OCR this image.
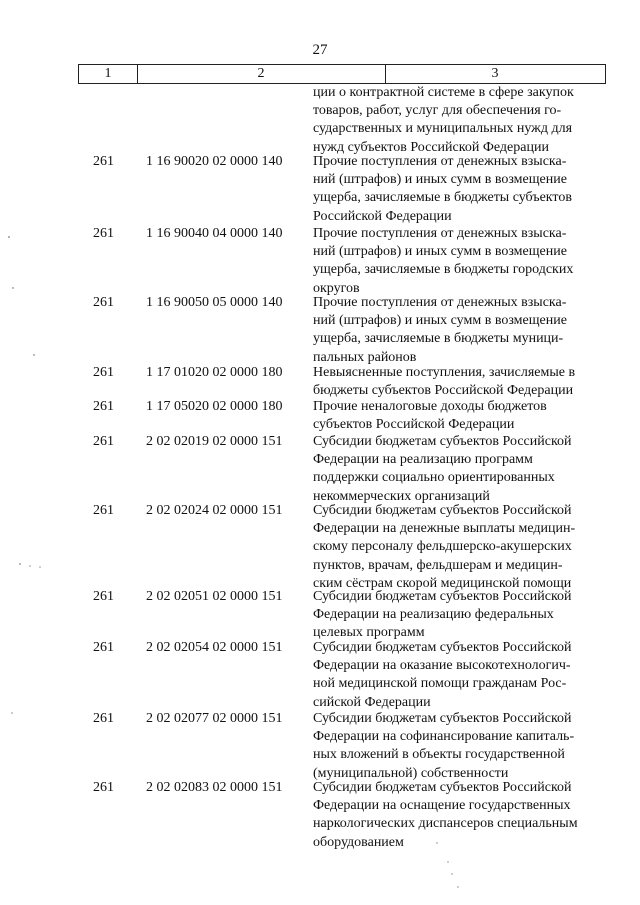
27
1	2	3
ции о контрактной системе в сфере закупок
товаров, работ, услуг для обеспечения го-
сударственных и муниципальных нужд для
нужд субъектов Российской Федерации
261	1 16 90020 02 0000 140	Прочие поступления от денежных взыска-
ний (штрафов) и иных сумм в возмещение
ущерба, зачисляемые в бюджеты субъектов
Российской Федерации
261	1 16 90040 04 0000 140	Прочие поступления от денежных взыска-
ний (штрафов) и иных сумм в возмещение
ущерба, зачисляемые в бюджеты городских
округов
261	1 16 90050 05 0000 140	Прочие поступления от денежных взыска-
ний (штрафов) и иных сумм в возмещение
ущерба, зачисляемые в бюджеты муници-
пальных районов
261	1 17 01020 02 0000 180	Невыясненные поступления, зачисляемые в
бюджеты субъектов Российской Федерации
261	1 17 05020 02 0000 180	Прочие неналоговые доходы бюджетов
субъектов Российской Федерации
261	2 02 02019 02 0000 151	Субсидии бюджетам субъектов Российской
Федерации на реализацию программ
поддержки социально ориентированных
некоммерческих организаций
261	2 02 02024 02 0000 151	Субсидии бюджетам субъектов Российской
Федерации на денежные выплаты медицин-
скому персоналу фельдшерско-акушерских
пунктов, врачам, фельдшерам и медицин-
ским сёстрам скорой медицинской помощи
261	2 02 02051 02 0000 151	Субсидии бюджетам субъектов Российской
Федерации на реализацию федеральных
целевых программ
261	2 02 02054 02 0000 151	Субсидии бюджетам субъектов Российской
Федерации на оказание высокотехнологич-
ной медицинской помощи гражданам Рос-
сийской Федерации
261	2 02 02077 02 0000 151	Субсидии бюджетам субъектов Российской
Федерации на софинансирование капиталь-
ных вложений в объекты государственной
(муниципальной) собственности
261	2 02 02083 02 0000 151	Субсидии бюджетам субъектов Российской
Федерации на оснащение государственных
наркологических диспансеров специальным
оборудованием
